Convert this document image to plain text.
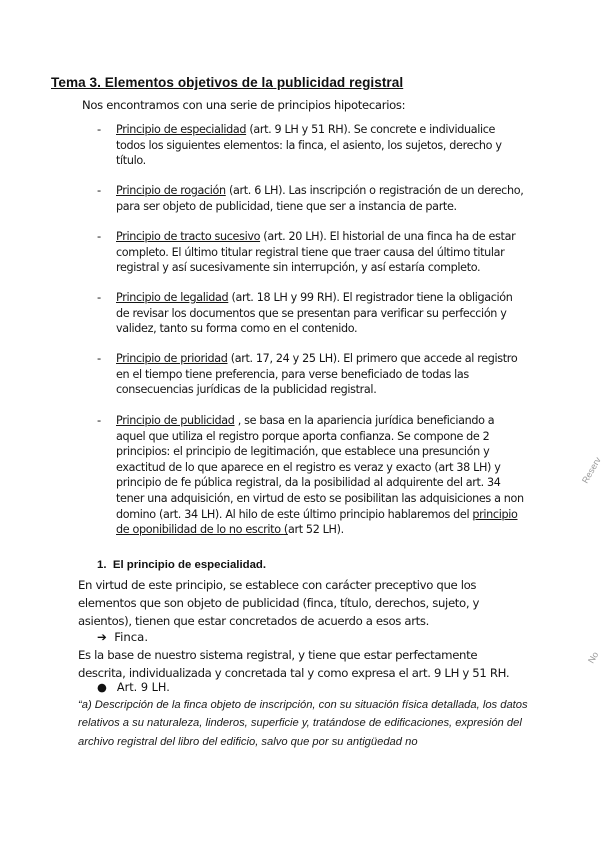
Tema 3. Elementos objetivos de la publicidad registral
Nos encontramos con una serie de principios hipotecarios:
- Principio de especialidad (art. 9 LH y 51 RH). Se concrete e individualice todos los siguientes elementos: la finca, el asiento, los sujetos, derecho y título.
- Principio de rogación (art. 6 LH). Las inscripción o registración de un derecho, para ser objeto de publicidad, tiene que ser a instancia de parte.
- Principio de tracto sucesivo (art. 20 LH). El historial de una finca ha de estar completo. El último titular registral tiene que traer causa del último titular registral y así sucesivamente sin interrupción, y así estaría completo.
- Principio de legalidad (art. 18 LH y 99 RH). El registrador tiene la obligación de revisar los documentos que se presentan para verificar su perfección y validez, tanto su forma como en el contenido.
- Principio de prioridad (art. 17, 24 y 25 LH). El primero que accede al registro en el tiempo tiene preferencia, para verse beneficiado de todas las consecuencias jurídicas de la publicidad registral.
- Principio de publicidad , se basa en la apariencia jurídica beneficiando a aquel que utiliza el registro porque aporta confianza. Se compone de 2 principios: el principio de legitimación, que establece una presunción y exactitud de lo que aparece en el registro es veraz y exacto (art 38 LH) y principio de fe pública registral, da la posibilidad al adquirente del art. 34 tener una adquisición, en virtud de esto se posibilitan las adquisiciones a non domino (art. 34 LH). Al hilo de este último principio hablaremos del principio de oponibilidad de lo no escrito (art 52 LH).
1. El principio de especialidad.
En virtud de este principio, se establece con carácter preceptivo que los elementos que son objeto de publicidad (finca, título, derechos, sujeto, y asientos), tienen que estar concretados de acuerdo a esos arts.
➔ Finca.
Es la base de nuestro sistema registral, y tiene que estar perfectamente descrita, individualizada y concretada tal y como expresa el art. 9 LH y 51 RH.
● Art. 9 LH.
“a) Descripción de la finca objeto de inscripción, con su situación física detallada, los datos relativos a su naturaleza, linderos, superficie y, tratándose de edificaciones, expresión del archivo registral del libro del edificio, salvo que por su antigüedad no
Reserv
No
